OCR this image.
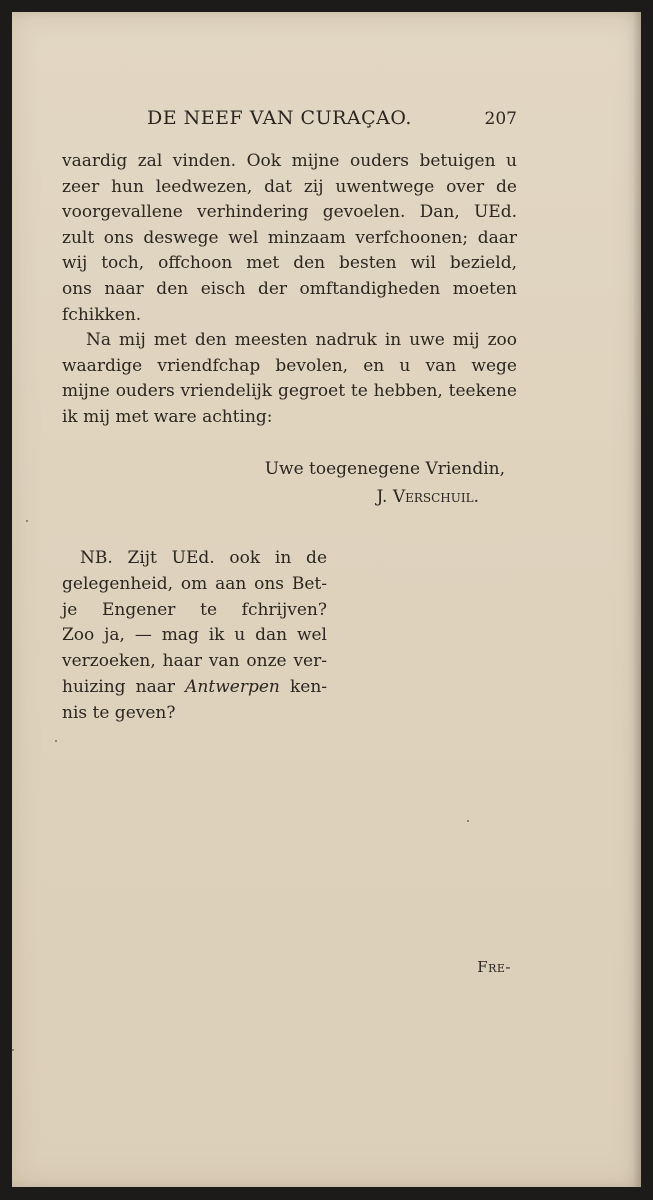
DE NEEF VAN CURAÇAO.	207
vaardig zal vinden. Ook mijne ouders betuigen u
zeer hun leedwezen, dat zij uwentwege over de
voorgevallene verhindering gevoelen. Dan, UEd.
zult ons deswege wel minzaam verfchoonen; daar
wij toch, offchoon met den besten wil bezield,
ons naar den eisch der omftandigheden moeten
fchikken.
Na mij met den meesten nadruk in uwe mij zoo
waardige vriendfchap bevolen, en u van wege
mijne ouders vriendelijk gegroet te hebben, teekene
ik mij met ware achting:
Uwe toegenegene Vriendin,
J. Verschuil.
NB. Zijt UEd. ook in de
gelegenheid, om aan ons Bet-
je Engener te fchrijven?
Zoo ja, — mag ik u dan wel
verzoeken, haar van onze ver-
huizing naar Antwerpen ken-
nis te geven?
Fre-
